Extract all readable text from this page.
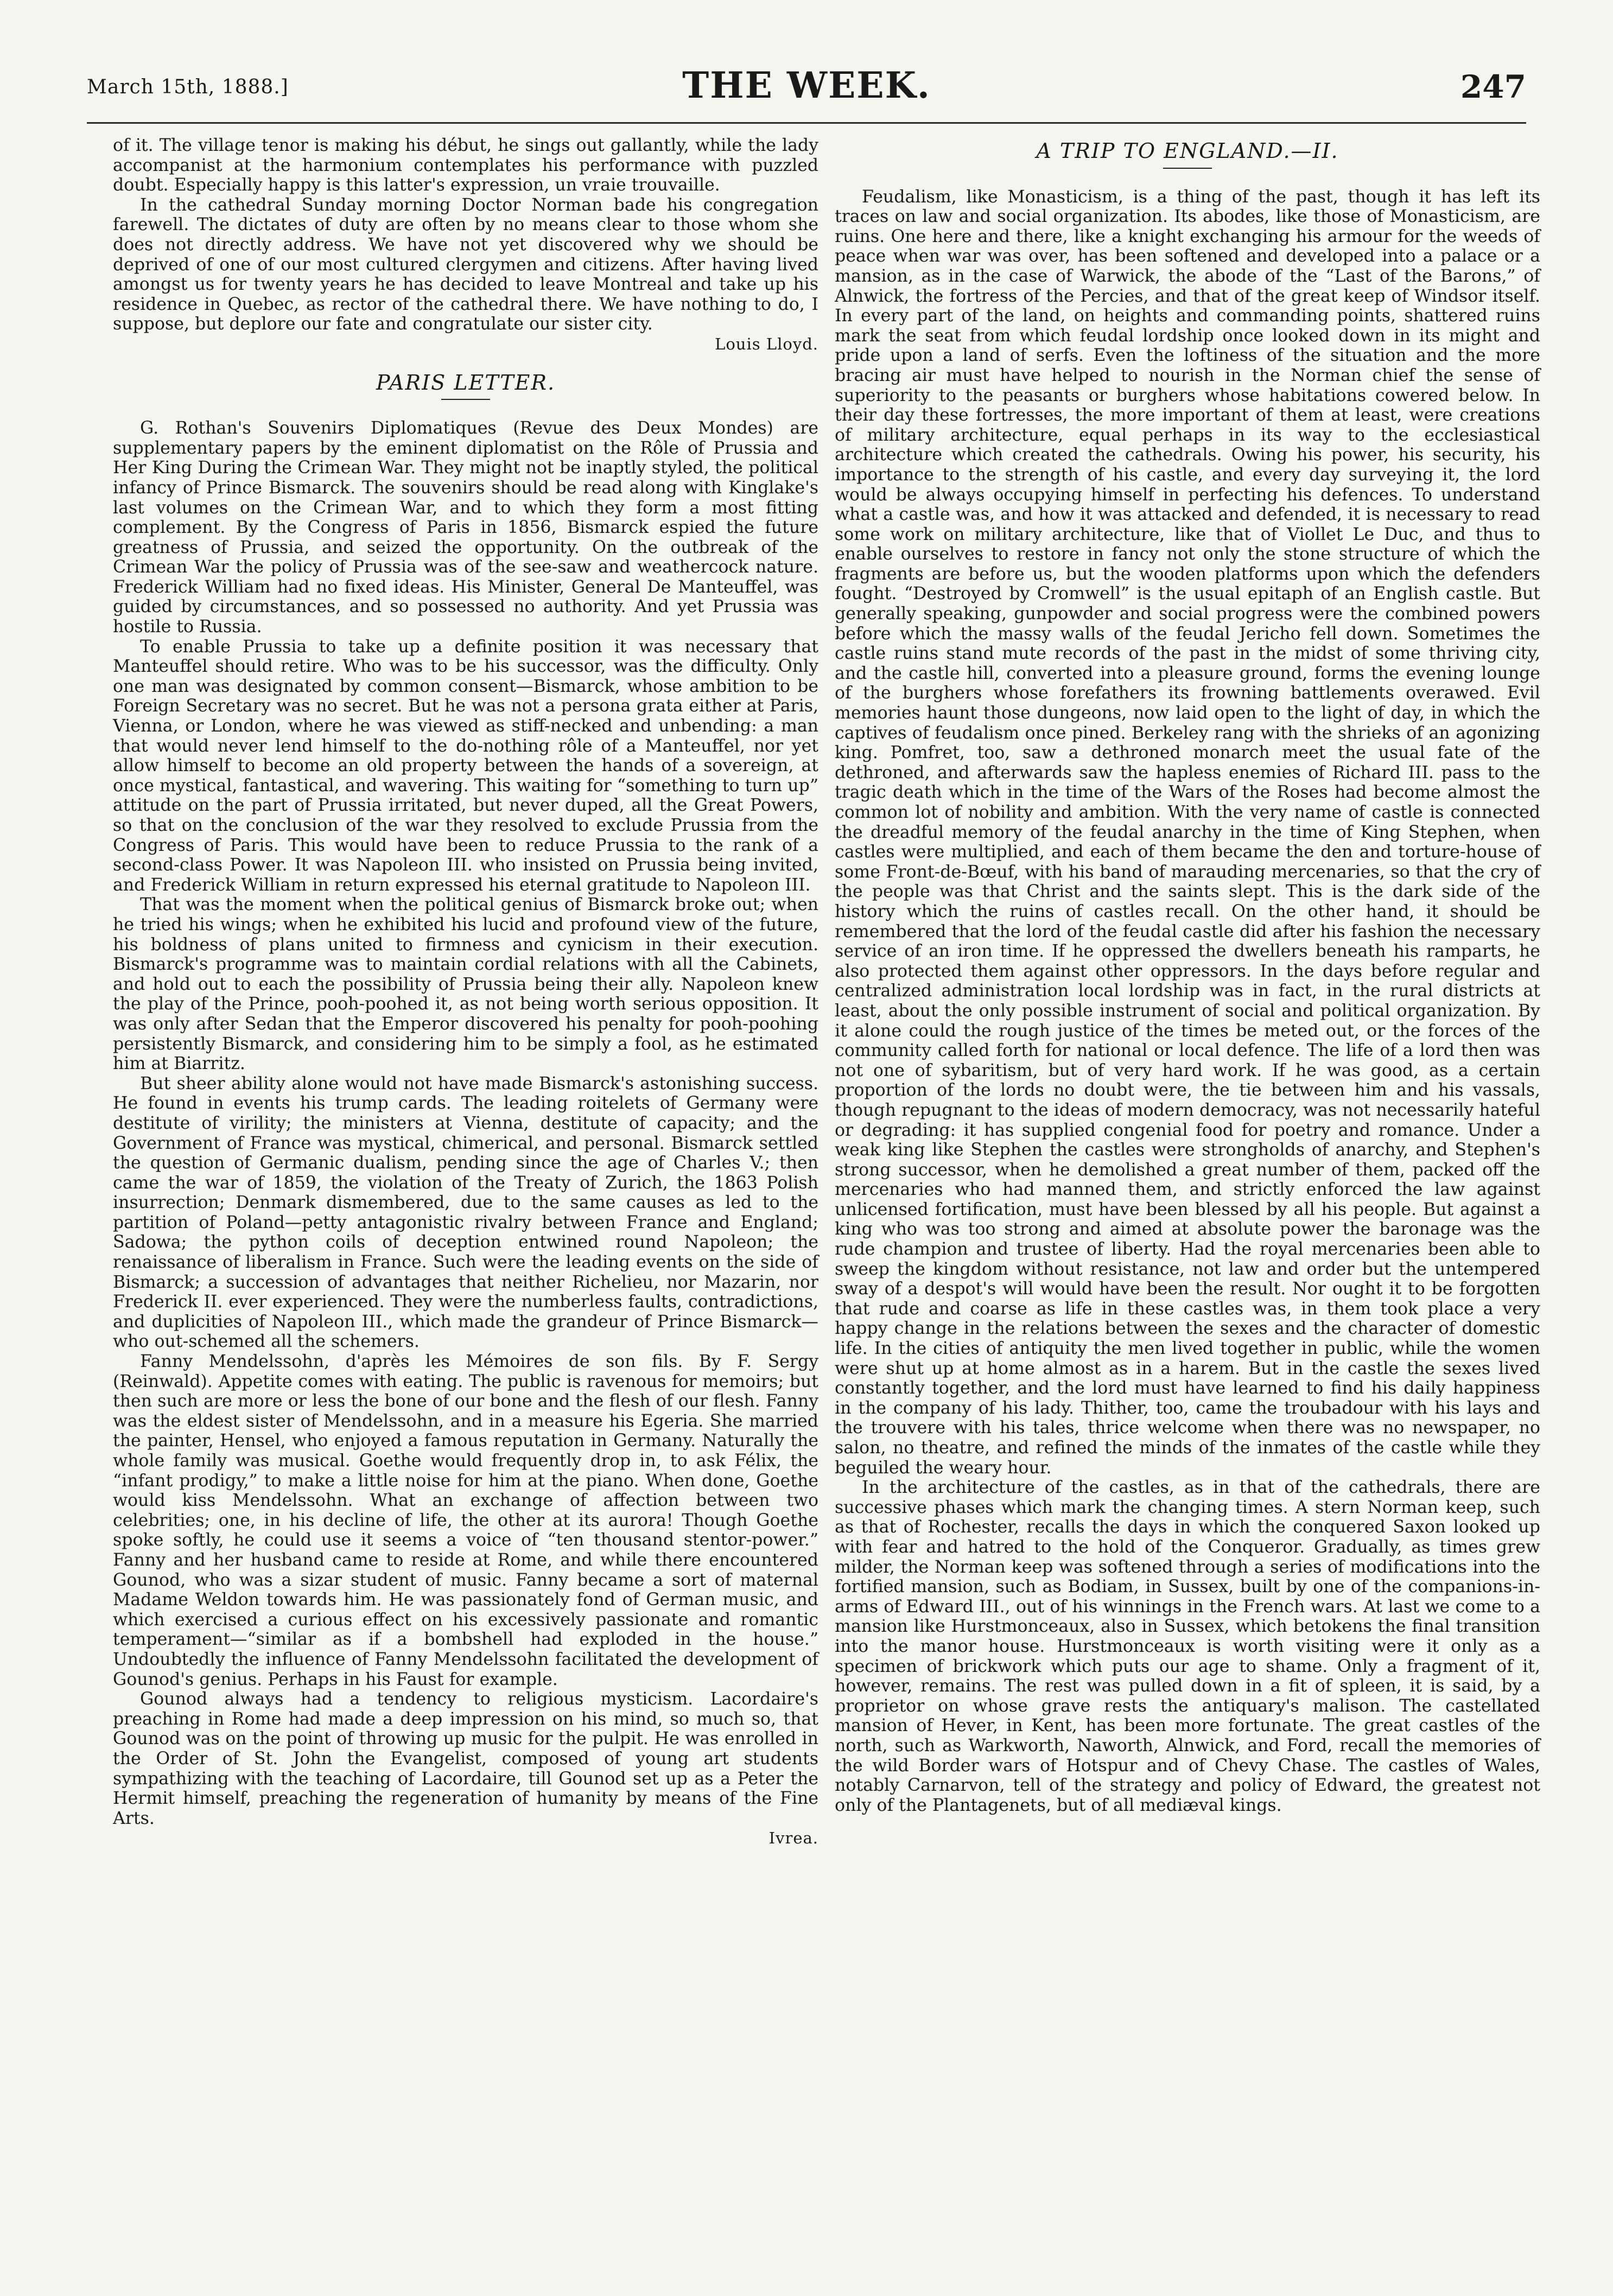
March 15th, 1888.]	THE WEEK.	247

of it. The village tenor is making his début, he sings out gallantly, while the lady accompanist at the harmonium contemplates his performance with puzzled doubt. Especially happy is this latter's expression, un vraie trouvaille.

In the cathedral Sunday morning Doctor Norman bade his congregation farewell. The dictates of duty are often by no means clear to those whom she does not directly address. We have not yet discovered why we should be deprived of one of our most cultured clergymen and citizens. After having lived amongst us for twenty years he has decided to leave Montreal and take up his residence in Quebec, as rector of the cathedral there. We have nothing to do, I suppose, but deplore our fate and congratulate our sister city.

Louis Lloyd.
PARIS LETTER.

G. Rothan's Souvenirs Diplomatiques (Revue des Deux Mondes) are supplementary papers by the eminent diplomatist on the Rôle of Prussia and Her King During the Crimean War. They might not be inaptly styled, the political infancy of Prince Bismarck. The souvenirs should be read along with Kinglake's last volumes on the Crimean War, and to which they form a most fitting complement. By the Congress of Paris in 1856, Bismarck espied the future greatness of Prussia, and seized the opportunity. On the outbreak of the Crimean War the policy of Prussia was of the see-saw and weathercock nature. Frederick William had no fixed ideas. His Minister, General De Manteuffel, was guided by circumstances, and so possessed no authority. And yet Prussia was hostile to Russia.

To enable Prussia to take up a definite position it was necessary that Manteuffel should retire. Who was to be his successor, was the difficulty. Only one man was designated by common consent—Bismarck, whose ambition to be Foreign Secretary was no secret. But he was not a persona grata either at Paris, Vienna, or London, where he was viewed as stiff-necked and unbending: a man that would never lend himself to the do-nothing rôle of a Manteuffel, nor yet allow himself to become an old property between the hands of a sovereign, at once mystical, fantastical, and wavering. This waiting for “something to turn up” attitude on the part of Prussia irritated, but never duped, all the Great Powers, so that on the conclusion of the war they resolved to exclude Prussia from the Congress of Paris. This would have been to reduce Prussia to the rank of a second-class Power. It was Napoleon III. who insisted on Prussia being invited, and Frederick William in return expressed his eternal gratitude to Napoleon III.

That was the moment when the political genius of Bismarck broke out; when he tried his wings; when he exhibited his lucid and profound view of the future, his boldness of plans united to firmness and cynicism in their execution. Bismarck's programme was to maintain cordial relations with all the Cabinets, and hold out to each the possibility of Prussia being their ally. Napoleon knew the play of the Prince, pooh-poohed it, as not being worth serious opposition. It was only after Sedan that the Emperor discovered his penalty for pooh-poohing persistently Bismarck, and considering him to be simply a fool, as he estimated him at Biarritz.

But sheer ability alone would not have made Bismarck's astonishing success. He found in events his trump cards. The leading roitelets of Germany were destitute of virility; the ministers at Vienna, destitute of capacity; and the Government of France was mystical, chimerical, and personal. Bismarck settled the question of Germanic dualism, pending since the age of Charles V.; then came the war of 1859, the violation of the Treaty of Zurich, the 1863 Polish insurrection; Denmark dismembered, due to the same causes as led to the partition of Poland—petty antagonistic rivalry between France and England; Sadowa; the python coils of deception entwined round Napoleon; the renaissance of liberalism in France. Such were the leading events on the side of Bismarck; a succession of advantages that neither Richelieu, nor Mazarin, nor Frederick II. ever experienced. They were the numberless faults, contradictions, and duplicities of Napoleon III., which made the grandeur of Prince Bismarck—who out-schemed all the schemers.

Fanny Mendelssohn, d'après les Mémoires de son fils. By F. Sergy (Reinwald). Appetite comes with eating. The public is ravenous for memoirs; but then such are more or less the bone of our bone and the flesh of our flesh. Fanny was the eldest sister of Mendelssohn, and in a measure his Egeria. She married the painter, Hensel, who enjoyed a famous reputation in Germany. Naturally the whole family was musical. Goethe would frequently drop in, to ask Félix, the “infant prodigy,” to make a little noise for him at the piano. When done, Goethe would kiss Mendelssohn. What an exchange of affection between two celebrities; one, in his decline of life, the other at its aurora! Though Goethe spoke softly, he could use it seems a voice of “ten thousand stentor-power.” Fanny and her husband came to reside at Rome, and while there encountered Gounod, who was a sizar student of music. Fanny became a sort of maternal Madame Weldon towards him. He was passionately fond of German music, and which exercised a curious effect on his excessively passionate and romantic temperament—“similar as if a bombshell had exploded in the house.” Undoubtedly the influence of Fanny Mendelssohn facilitated the development of Gounod's genius. Perhaps in his Faust for example.

Gounod always had a tendency to religious mysticism. Lacordaire's preaching in Rome had made a deep impression on his mind, so much so, that Gounod was on the point of throwing up music for the pulpit. He was enrolled in the Order of St. John the Evangelist, composed of young art students sympathizing with the teaching of Lacordaire, till Gounod set up as a Peter the Hermit himself, preaching the regeneration of humanity by means of the Fine Arts.

Ivrea.
A TRIP TO ENGLAND.—II.

Feudalism, like Monasticism, is a thing of the past, though it has left its traces on law and social organization. Its abodes, like those of Monasticism, are ruins. One here and there, like a knight exchanging his armour for the weeds of peace when war was over, has been softened and developed into a palace or a mansion, as in the case of Warwick, the abode of the “Last of the Barons,” of Alnwick, the fortress of the Percies, and that of the great keep of Windsor itself. In every part of the land, on heights and commanding points, shattered ruins mark the seat from which feudal lordship once looked down in its might and pride upon a land of serfs. Even the loftiness of the situation and the more bracing air must have helped to nourish in the Norman chief the sense of superiority to the peasants or burghers whose habitations cowered below. In their day these fortresses, the more important of them at least, were creations of military architecture, equal perhaps in its way to the ecclesiastical architecture which created the cathedrals. Owing his power, his security, his importance to the strength of his castle, and every day surveying it, the lord would be always occupying himself in perfecting his defences. To understand what a castle was, and how it was attacked and defended, it is necessary to read some work on military architecture, like that of Viollet Le Duc, and thus to enable ourselves to restore in fancy not only the stone structure of which the fragments are before us, but the wooden platforms upon which the defenders fought. “Destroyed by Cromwell” is the usual epitaph of an English castle. But generally speaking, gunpowder and social progress were the combined powers before which the massy walls of the feudal Jericho fell down. Sometimes the castle ruins stand mute records of the past in the midst of some thriving city, and the castle hill, converted into a pleasure ground, forms the evening lounge of the burghers whose forefathers its frowning battlements overawed. Evil memories haunt those dungeons, now laid open to the light of day, in which the captives of feudalism once pined. Berkeley rang with the shrieks of an agonizing king. Pomfret, too, saw a dethroned monarch meet the usual fate of the dethroned, and afterwards saw the hapless enemies of Richard III. pass to the tragic death which in the time of the Wars of the Roses had become almost the common lot of nobility and ambition. With the very name of castle is connected the dreadful memory of the feudal anarchy in the time of King Stephen, when castles were multiplied, and each of them became the den and torture-house of some Front-de-Bœuf, with his band of marauding mercenaries, so that the cry of the people was that Christ and the saints slept. This is the dark side of the history which the ruins of castles recall. On the other hand, it should be remembered that the lord of the feudal castle did after his fashion the necessary service of an iron time. If he oppressed the dwellers beneath his ramparts, he also protected them against other oppressors. In the days before regular and centralized administration local lordship was in fact, in the rural districts at least, about the only possible instrument of social and political organization. By it alone could the rough justice of the times be meted out, or the forces of the community called forth for national or local defence. The life of a lord then was not one of sybaritism, but of very hard work. If he was good, as a certain proportion of the lords no doubt were, the tie between him and his vassals, though repugnant to the ideas of modern democracy, was not necessarily hateful or degrading: it has supplied congenial food for poetry and romance. Under a weak king like Stephen the castles were strongholds of anarchy, and Stephen's strong successor, when he demolished a great number of them, packed off the mercenaries who had manned them, and strictly enforced the law against unlicensed fortification, must have been blessed by all his people. But against a king who was too strong and aimed at absolute power the baronage was the rude champion and trustee of liberty. Had the royal mercenaries been able to sweep the kingdom without resistance, not law and order but the untempered sway of a despot's will would have been the result. Nor ought it to be forgotten that rude and coarse as life in these castles was, in them took place a very happy change in the relations between the sexes and the character of domestic life. In the cities of antiquity the men lived together in public, while the women were shut up at home almost as in a harem. But in the castle the sexes lived constantly together, and the lord must have learned to find his daily happiness in the company of his lady. Thither, too, came the troubadour with his lays and the trouvere with his tales, thrice welcome when there was no newspaper, no salon, no theatre, and refined the minds of the inmates of the castle while they beguiled the weary hour.

In the architecture of the castles, as in that of the cathedrals, there are successive phases which mark the changing times. A stern Norman keep, such as that of Rochester, recalls the days in which the conquered Saxon looked up with fear and hatred to the hold of the Conqueror. Gradually, as times grew milder, the Norman keep was softened through a series of modifications into the fortified mansion, such as Bodiam, in Sussex, built by one of the companions-in-arms of Edward III., out of his winnings in the French wars. At last we come to a mansion like Hurstmonceaux, also in Sussex, which betokens the final transition into the manor house. Hurstmonceaux is worth visiting were it only as a specimen of brickwork which puts our age to shame. Only a fragment of it, however, remains. The rest was pulled down in a fit of spleen, it is said, by a proprietor on whose grave rests the antiquary's malison. The castellated mansion of Hever, in Kent, has been more fortunate. The great castles of the north, such as Warkworth, Naworth, Alnwick, and Ford, recall the memories of the wild Border wars of Hotspur and of Chevy Chase. The castles of Wales, notably Carnarvon, tell of the strategy and policy of Edward, the greatest not only of the Plantagenets, but of all mediæval kings.
